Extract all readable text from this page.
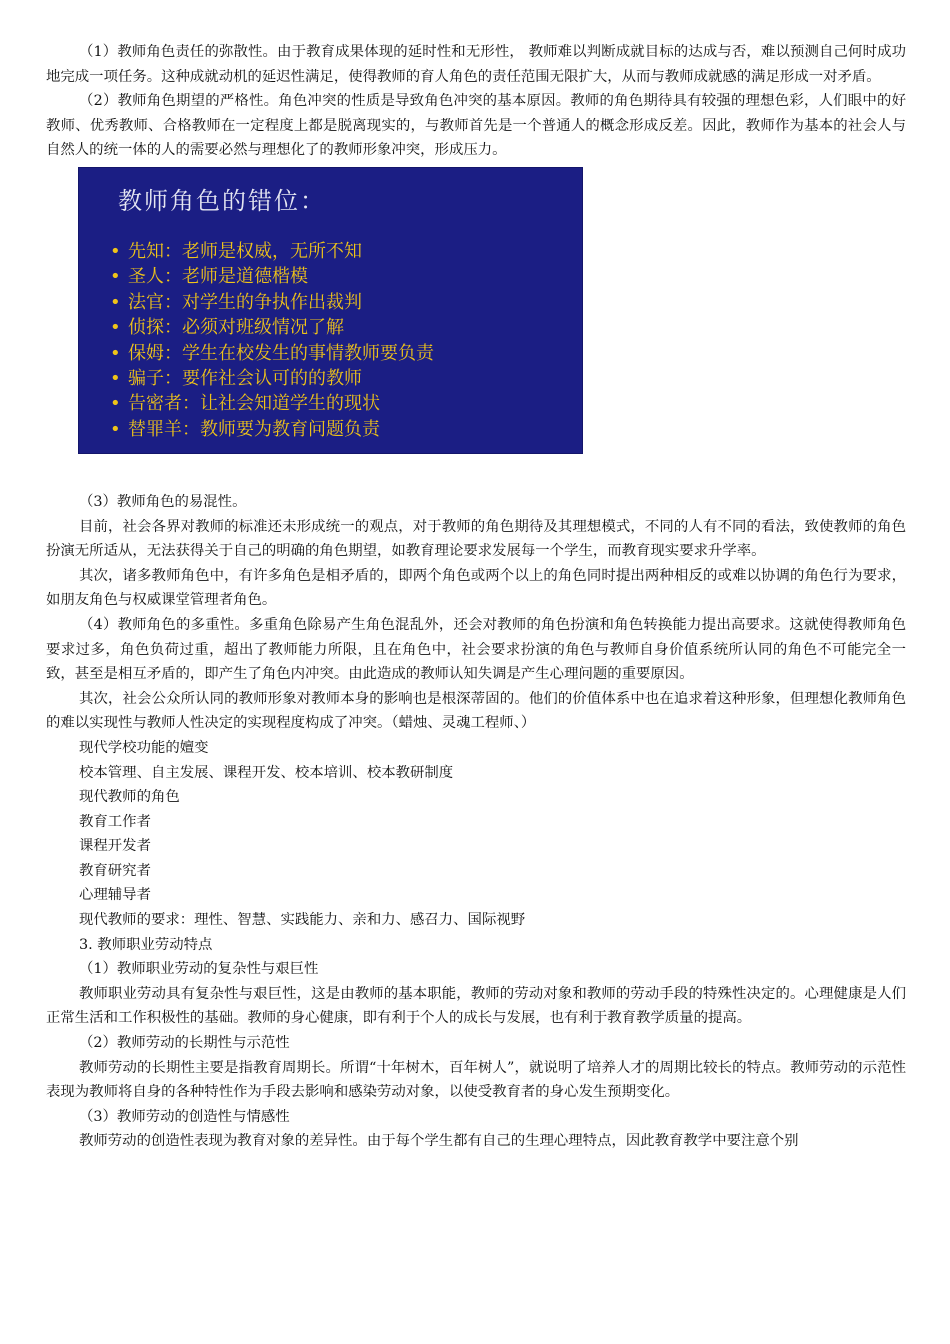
（1）教师角色责任的弥散性。由于教育成果体现的延时性和无形性， 教师难以判断成就目标的达成与否，难以预测自己何时成功地完成一项任务。这种成就动机的延迟性满足，使得教师的育人角色的责任范围无限扩大，从而与教师成就感的满足形成一对矛盾。

（2）教师角色期望的严格性。角色冲突的性质是导致角色冲突的基本原因。教师的角色期待具有较强的理想色彩，人们眼中的好教师、优秀教师、合格教师在一定程度上都是脱离现实的，与教师首先是一个普通人的概念形成反差。因此，教师作为基本的社会人与自然人的统一体的人的需要必然与理想化了的教师形象冲突，形成压力。

教师角色的错位：
• 先知：老师是权威，无所不知
• 圣人：老师是道德楷模
• 法官：对学生的争执作出裁判
• 侦探：必须对班级情况了解
• 保姆：学生在校发生的事情教师要负责
• 骗子：要作社会认可的的教师
• 告密者：让社会知道学生的现状
• 替罪羊：教师要为教育问题负责

（3）教师角色的易混性。

目前，社会各界对教师的标准还未形成统一的观点，对于教师的角色期待及其理想模式，不同的人有不同的看法，致使教师的角色扮演无所适从，无法获得关于自己的明确的角色期望，如教育理论要求发展每一个学生，而教育现实要求升学率。

其次，诸多教师角色中，有许多角色是相矛盾的，即两个角色或两个以上的角色同时提出两种相反的或难以协调的角色行为要求，如朋友角色与权威课堂管理者角色。

（4）教师角色的多重性。多重角色除易产生角色混乱外，还会对教师的角色扮演和角色转换能力提出高要求。这就使得教师角色要求过多，角色负荷过重，超出了教师能力所限，且在角色中，社会要求扮演的角色与教师自身价值系统所认同的角色不可能完全一致，甚至是相互矛盾的，即产生了角色内冲突。由此造成的教师认知失调是产生心理问题的重要原因。

其次，社会公众所认同的教师形象对教师本身的影响也是根深蒂固的。他们的价值体系中也在追求着这种形象，但理想化教师角色的难以实现性与教师人性决定的实现程度构成了冲突。（蜡烛、灵魂工程师、）

现代学校功能的嬗变

校本管理、自主发展、课程开发、校本培训、校本教研制度

现代教师的角色

教育工作者

课程开发者

教育研究者

心理辅导者

现代教师的要求：理性、智慧、实践能力、亲和力、感召力、国际视野

3. 教师职业劳动特点

（1）教师职业劳动的复杂性与艰巨性

教师职业劳动具有复杂性与艰巨性，这是由教师的基本职能，教师的劳动对象和教师的劳动手段的特殊性决定的。心理健康是人们正常生活和工作积极性的基础。教师的身心健康，即有利于个人的成长与发展，也有利于教育教学质量的提高。

（2）教师劳动的长期性与示范性

教师劳动的长期性主要是指教育周期长。所谓“十年树木，百年树人”，就说明了培养人才的周期比较长的特点。教师劳动的示范性表现为教师将自身的各种特性作为手段去影响和感染劳动对象，以使受教育者的身心发生预期变化。

（3）教师劳动的创造性与情感性

教师劳动的创造性表现为教育对象的差异性。由于每个学生都有自己的生理心理特点，因此教育教学中要注意个别
